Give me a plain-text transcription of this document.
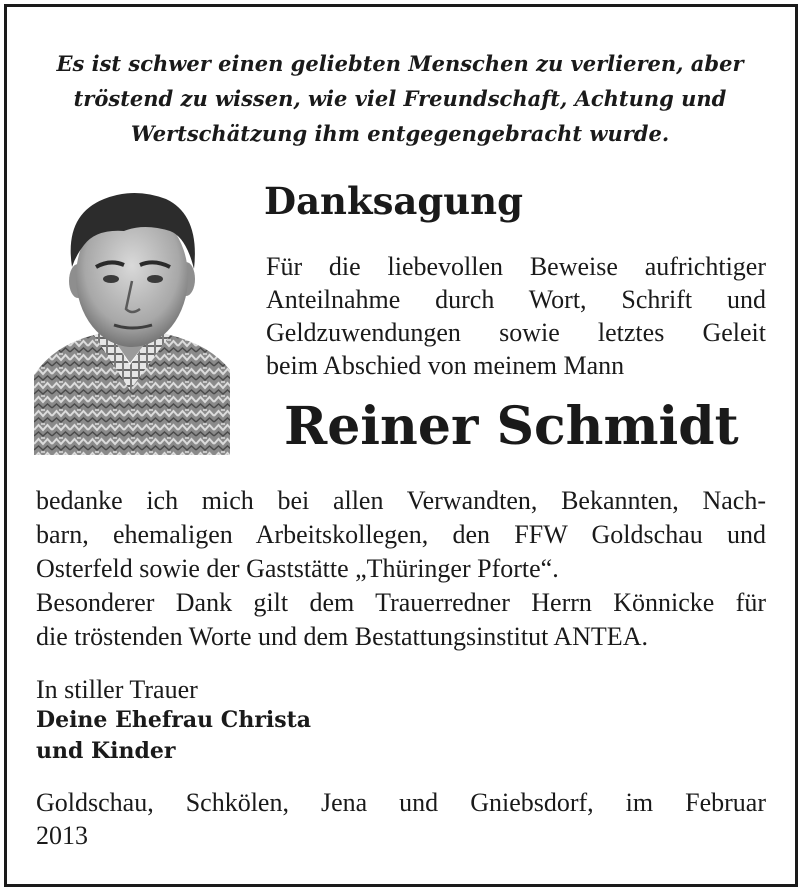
Es ist schwer einen geliebten Menschen zu verlieren, aber
tröstend zu wissen, wie viel Freundschaft, Achtung und
Wertschätzung ihm entgegengebracht wurde.
Danksagung
Für die liebevollen Beweise aufrichtiger
Anteilnahme durch Wort, Schrift und
Geldzuwendungen sowie letztes Geleit
beim Abschied von meinem Mann
Reiner Schmidt
bedanke ich mich bei allen Verwandten, Bekannten, Nach-
barn, ehemaligen Arbeitskollegen, den FFW Goldschau und
Osterfeld sowie der Gaststätte „Thüringer Pforte“.
Besonderer Dank gilt dem Trauerredner Herrn Könnicke für
die tröstenden Worte und dem Bestattungsinstitut ANTEA.
In stiller Trauer
Deine Ehefrau Christa
und Kinder
Goldschau, Schkölen, Jena und Gniebsdorf, im Februar
2013
